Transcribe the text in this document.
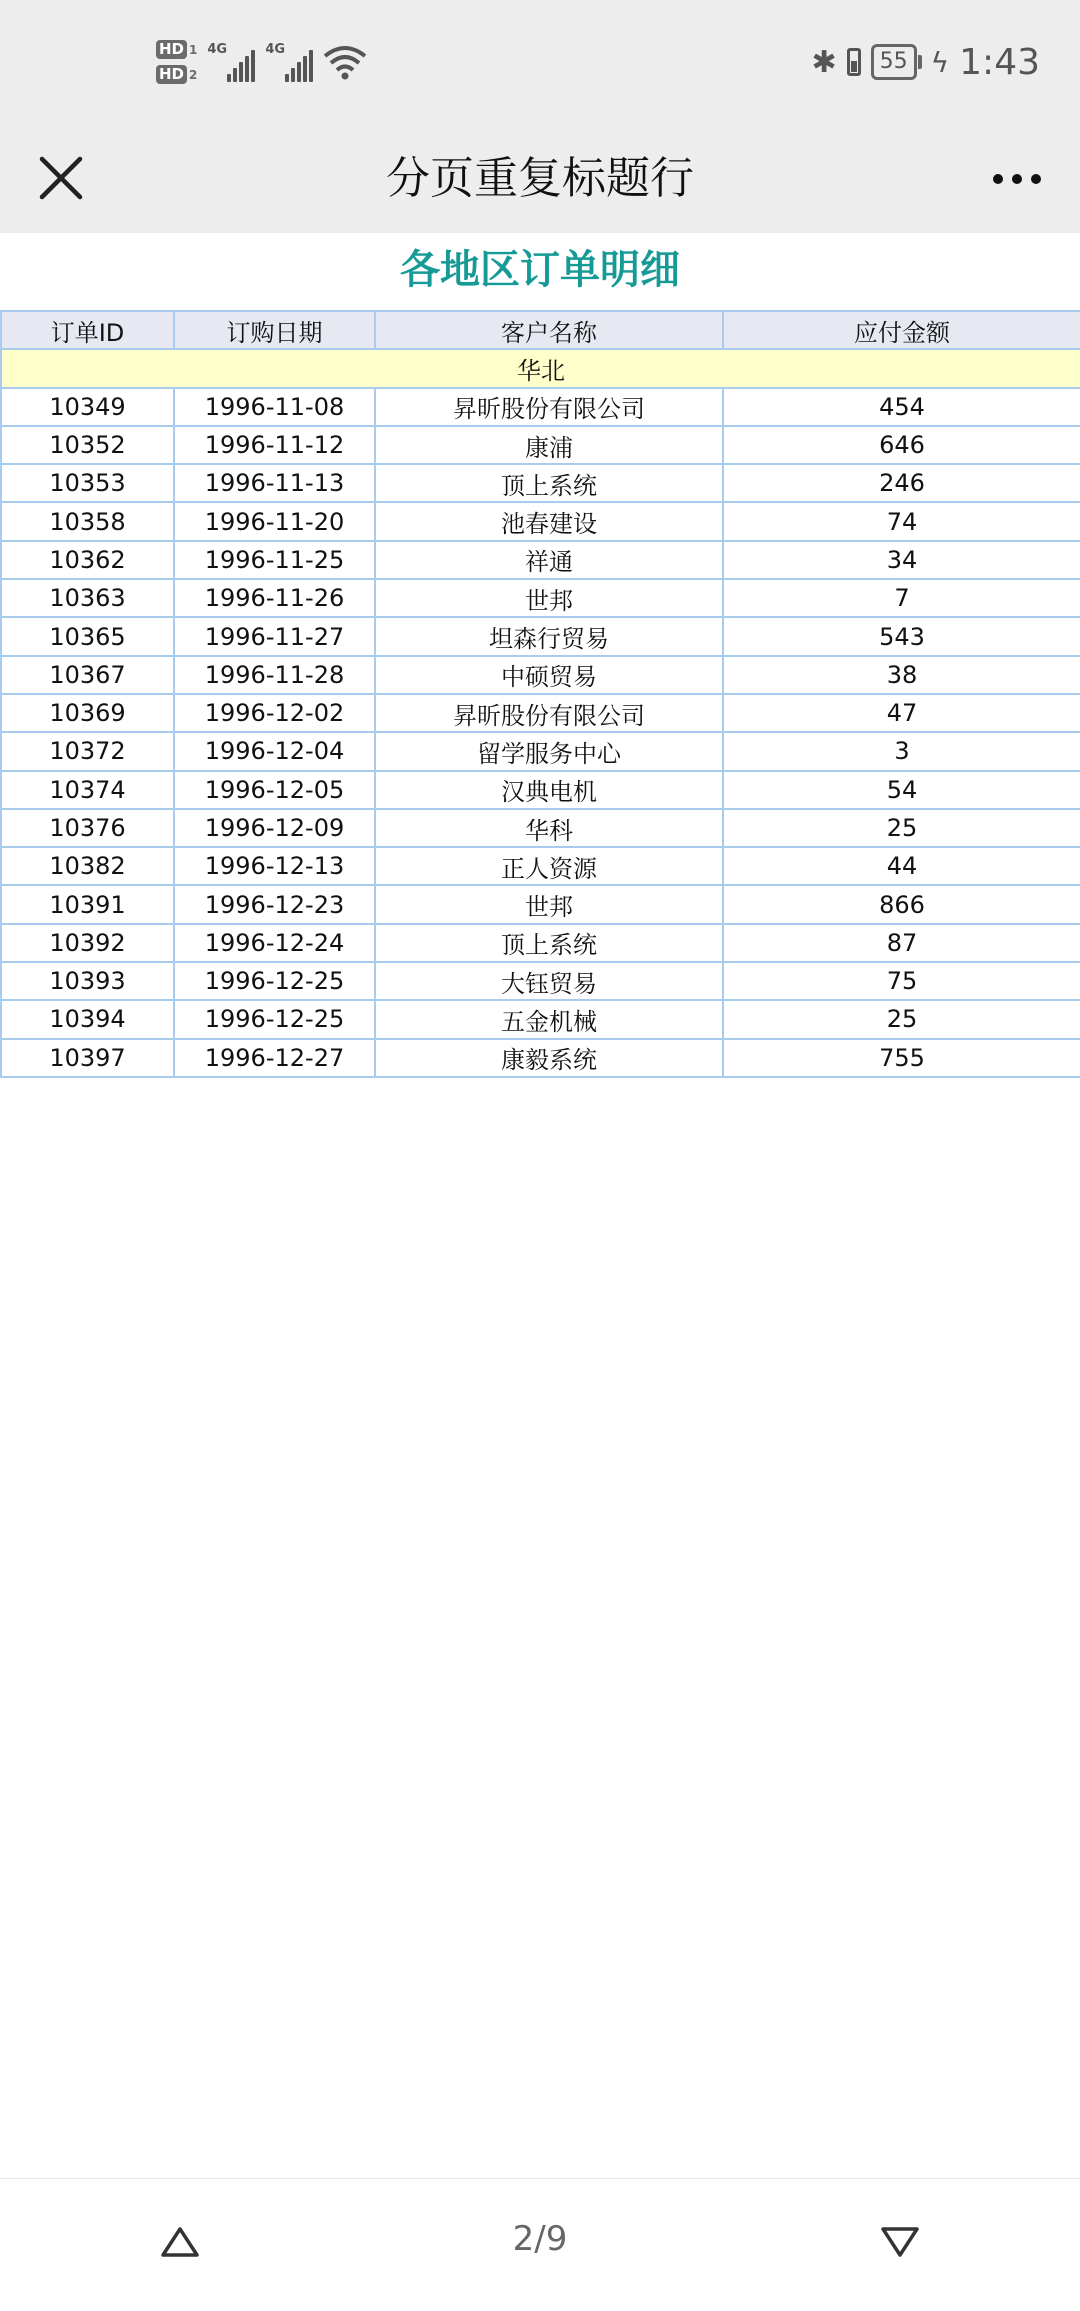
HD 1
HD 2
4G	4G	✱	55 ϟ 1:43
分页重复标题行
各地区订单明细
订单ID	订购日期	客户名称	应付金额
华北			
10349	1996-11-08	昇昕股份有限公司	454
10352	1996-11-12	康浦	646
10353	1996-11-13	顶上系统	246
10358	1996-11-20	池春建设	74
10362	1996-11-25	祥通	34
10363	1996-11-26	世邦	7
10365	1996-11-27	坦森行贸易	543
10367	1996-11-28	中硕贸易	38
10369	1996-12-02	昇昕股份有限公司	47
10372	1996-12-04	留学服务中心	3
10374	1996-12-05	汉典电机	54
10376	1996-12-09	华科	25
10382	1996-12-13	正人资源	44
10391	1996-12-23	世邦	866
10392	1996-12-24	顶上系统	87
10393	1996-12-25	大钰贸易	75
10394	1996-12-25	五金机械	25
10397	1996-12-27	康毅系统	755
2/9
